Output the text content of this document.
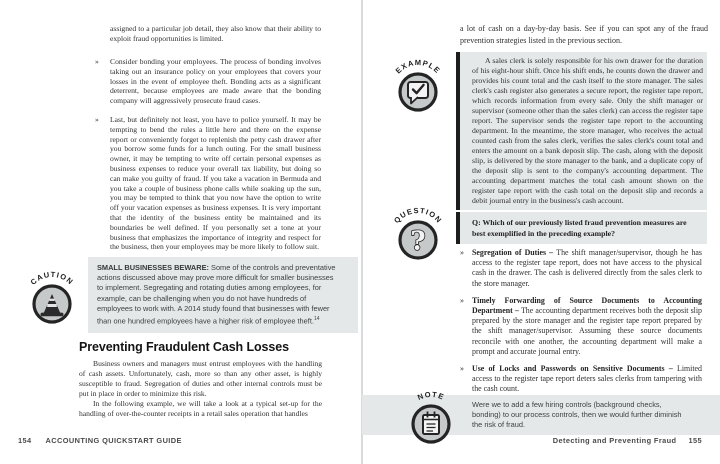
assigned to a particular job detail, they also know that their ability to exploit fraud opportunities is limited.

» Consider bonding your employees. The process of bonding involves taking out an insurance policy on your employees that covers your losses in the event of employee theft. Bonding acts as a significant deterrent, because employees are made aware that the bonding company will aggressively prosecute fraud cases.
» Last, but definitely not least, you have to police yourself. It may be tempting to bend the rules a little here and there on the expense report or conveniently forget to replenish the petty cash drawer after you borrow some funds for a lunch outing. For the small business owner, it may be tempting to write off certain personal expenses as business expenses to reduce your overall tax liability, but doing so can make you guilty of fraud. If you take a vacation in Bermuda and you take a couple of business phone calls while soaking up the sun, you may be tempted to think that you now have the option to write off your vacation expenses as business expenses. It is very important that the identity of the business entity be maintained and its boundaries be well defined. If you personally set a tone at your business that emphasizes the importance of integrity and respect for the business, then your employees may be more likely to follow suit.
CAUTION
SMALL BUSINESSES BEWARE: Some of the controls and preventative actions discussed above may prove more difficult for smaller businesses to implement. Segregating and rotating duties among employees, for example, can be challenging when you do not have hundreds of employees to work with. A 2014 study found that businesses with fewer than one hundred employees have a higher risk of employee theft.$^{14}$
Preventing Fraudulent Cash Losses

Business owners and managers must entrust employees with the handling of cash assets. Unfortunately, cash, more so than any other asset, is highly susceptible to fraud. Segregation of duties and other internal controls must be put in place in order to minimize this risk.

In the following example, we will take a look at a typical set-up for the handling of over-the-counter receipts in a retail sales operation that handles

154 ACCOUNTING QUICKSTART GUIDE

a lot of cash on a day-by-day basis. See if you can spot any of the fraud prevention strategies listed in the previous section.

EXAMPLE

A sales clerk is solely responsible for his own drawer for the duration of his eight-hour shift. Once his shift ends, he counts down the drawer and provides his count total and the cash itself to the store manager. The sales clerk's cash register also generates a secure report, the register tape report, which records information from every sale. Only the shift manager or supervisor (someone other than the sales clerk) can access the register tape report. The supervisor sends the register tape report to the accounting department. In the meantime, the store manager, who receives the actual counted cash from the sales clerk, verifies the sales clerk's count total and enters the amount on a bank deposit slip. The cash, along with the deposit slip, is delivered by the store manager to the bank, and a duplicate copy of the deposit slip is sent to the company's accounting department. The accounting department matches the total cash amount shown on the register tape report with the cash total on the deposit slip and records a debit journal entry in the business's cash account.

QUESTION
?
Q: Which of our previously listed fraud prevention measures are best exemplified in the preceding example?
» Segregation of Duties – The shift manager/supervisor, though he has access to the register tape report, does not have access to the physical cash in the drawer. The cash is delivered directly from the sales clerk to the store manager.
» Timely Forwarding of Source Documents to Accounting Department – The accounting department receives both the deposit slip prepared by the store manager and the register tape report prepared by the shift manager/supervisor. Assuming these source documents reconcile with one another, the accounting department will make a prompt and accurate journal entry.
» Use of Locks and Passwords on Sensitive Documents – Limited access to the register tape report deters sales clerks from tampering with the cash count.
NOTE
Were we to add a few hiring controls (background checks, bonding) to our process controls, then we would further diminish the risk of fraud.
Detecting and Preventing Fraud 155
